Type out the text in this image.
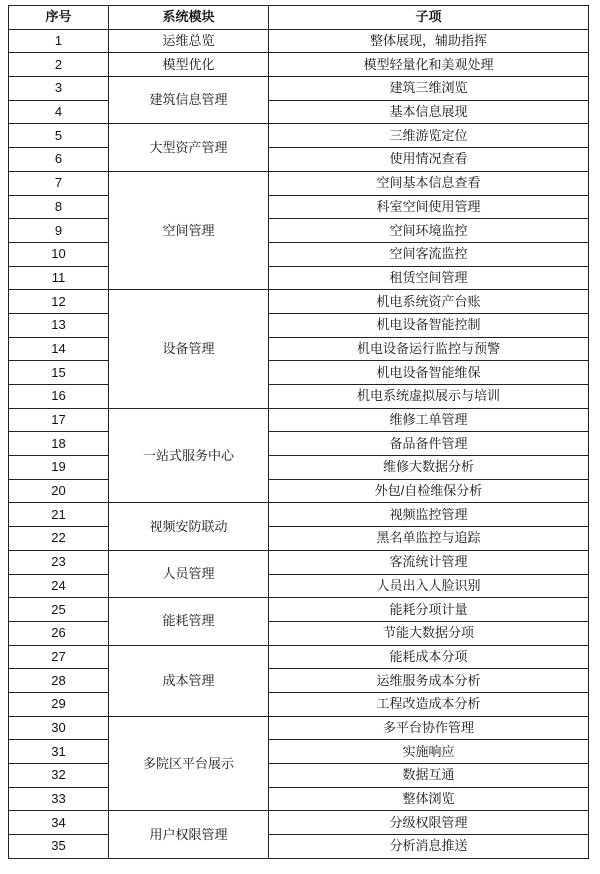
序号	系统模块	子项
1	运维总览	整体展现，辅助指挥
2	模型优化	模型轻量化和美观处理
3	建筑信息管理	建筑三维浏览
4		基本信息展现
5	大型资产管理	三维游览定位
6		使用情况查看
7	空间管理	空间基本信息查看
8		科室空间使用管理
9		空间环境监控
10		空间客流监控
11		租赁空间管理
12	设备管理	机电系统资产台账
13		机电设备智能控制
14		机电设备运行监控与预警
15		机电设备智能维保
16		机电系统虚拟展示与培训
17	一站式服务中心	维修工单管理
18		备品备件管理
19		维修大数据分析
20		外包/自检维保分析
21	视频安防联动	视频监控管理
22		黑名单监控与追踪
23	人员管理	客流统计管理
24		人员出入人脸识别
25	能耗管理	能耗分项计量
26		节能大数据分项
27	成本管理	能耗成本分项
28		运维服务成本分析
29		工程改造成本分析
30	多院区平台展示	多平台协作管理
31		实施响应
32		数据互通
33		整体浏览
34	用户权限管理	分级权限管理
35		分析消息推送
